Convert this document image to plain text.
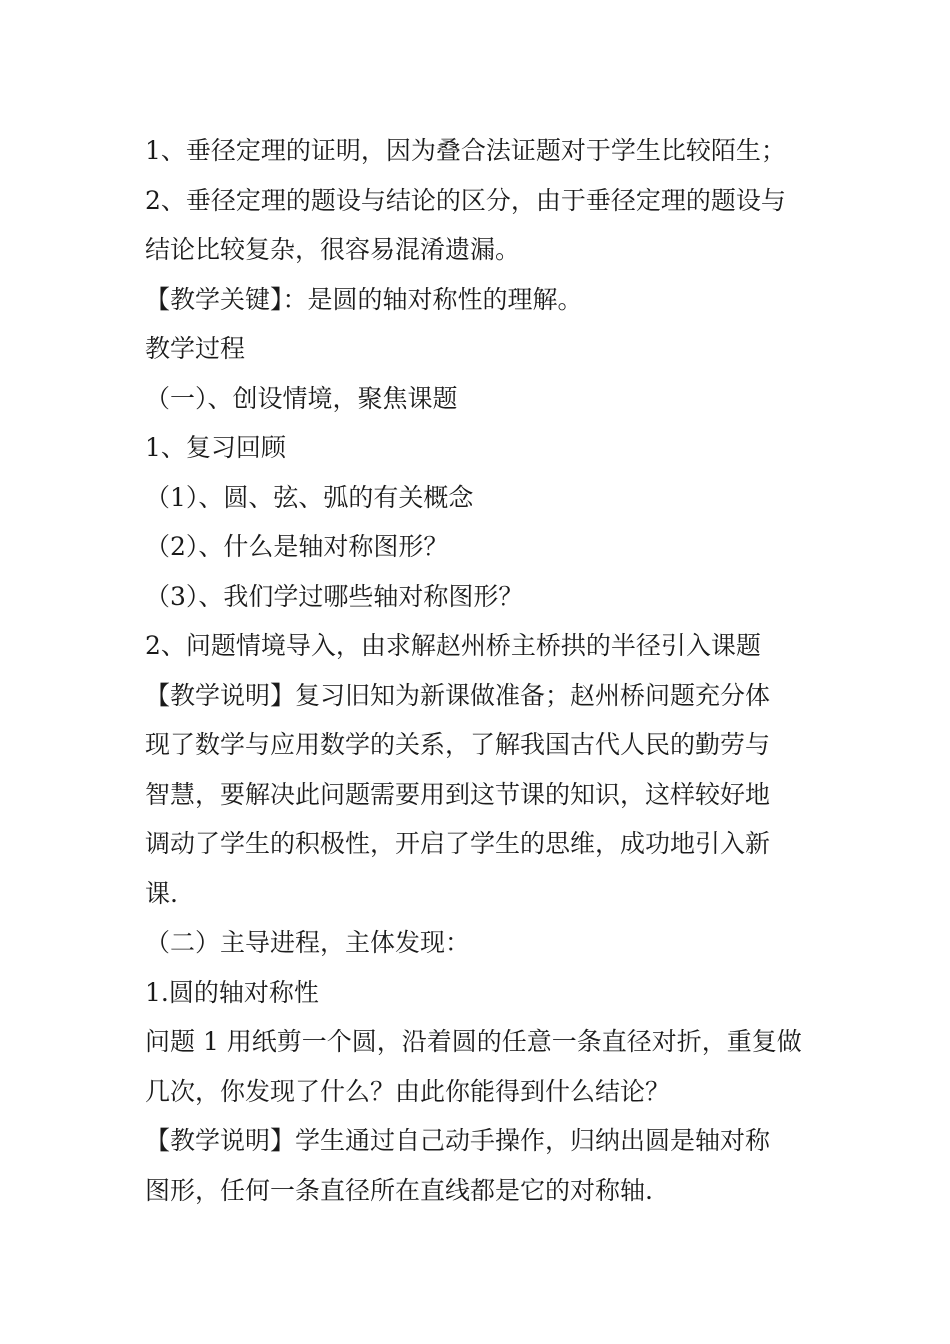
1、垂径定理的证明，因为叠合法证题对于学生比较陌生；
2、垂径定理的题设与结论的区分，由于垂径定理的题设与
结论比较复杂，很容易混淆遗漏。
【教学关键】：是圆的轴对称性的理解。
教学过程
（一）、创设情境，聚焦课题
1、复习回顾
（1）、圆、弦、弧的有关概念
（2）、什么是轴对称图形？
（3）、我们学过哪些轴对称图形？
2、问题情境导入，由求解赵州桥主桥拱的半径引入课题
【教学说明】复习旧知为新课做准备；赵州桥问题充分体
现了数学与应用数学的关系，了解我国古代人民的勤劳与
智慧，要解决此问题需要用到这节课的知识，这样较好地
调动了学生的积极性，开启了学生的思维，成功地引入新
课.
（二）主导进程，主体发现：
1.圆的轴对称性
问题 1 用纸剪一个圆，沿着圆的任意一条直径对折，重复做
几次，你发现了什么？由此你能得到什么结论？
【教学说明】学生通过自己动手操作，归纳出圆是轴对称
图形，任何一条直径所在直线都是它的对称轴.
